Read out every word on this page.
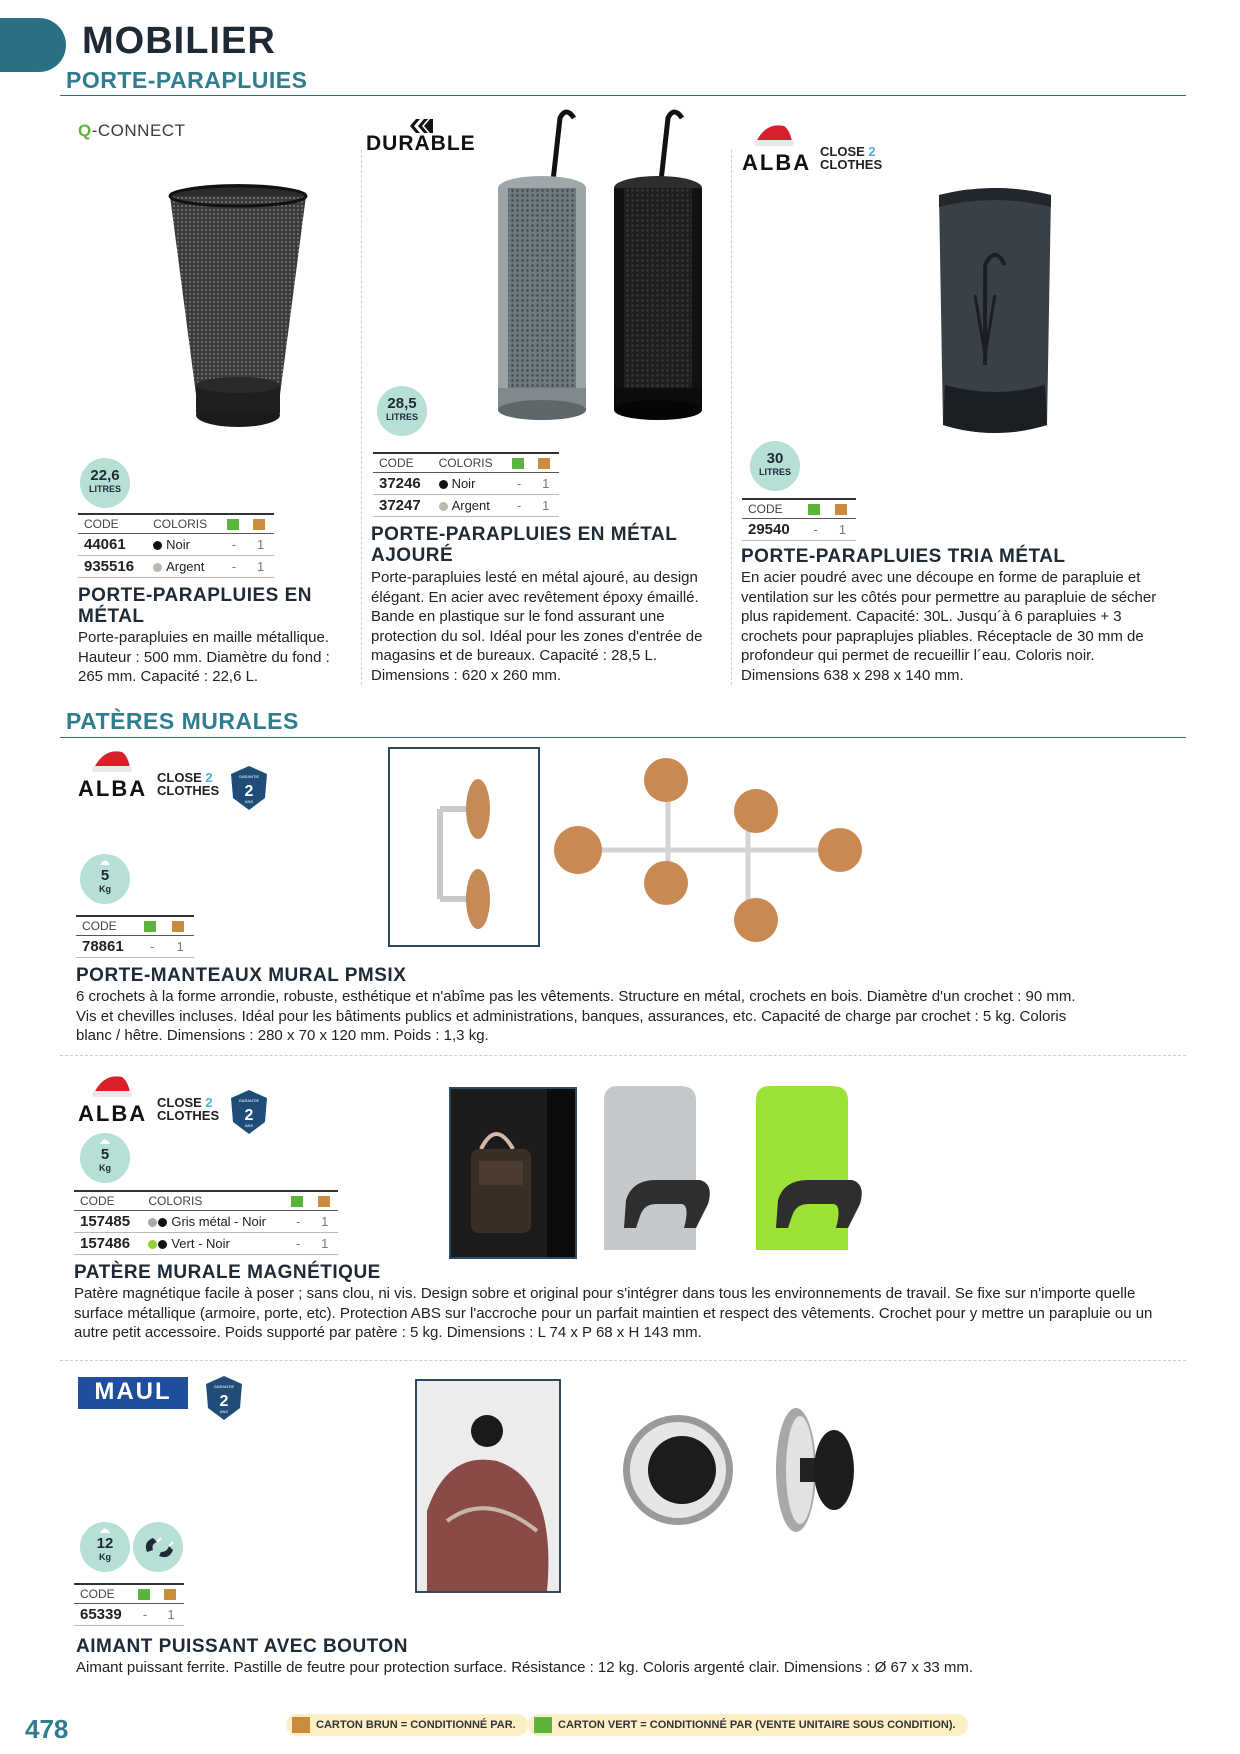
MOBILIER
PORTE-PARAPLUIES
Q-CONNECT
22,6
LITRES
CODE	COLORIS		
44061	Noir	-	1
935516	Argent	-	1
PORTE-PARAPLUIES EN MÉTAL
Porte-parapluies en maille métallique. Hauteur : 500 mm. Diamètre du fond : 265 mm. Capacité : 22,6 L.
DURABLE
28,5
LITRES
CODE	COLORIS		
37246	Noir	-	1
37247	Argent	-	1
PORTE-PARAPLUIES EN MÉTAL AJOURÉ
Porte-parapluies lesté en métal ajouré, au design élégant. En acier avec revêtement époxy émaillé. Bande en plastique sur le fond assurant une protection du sol. Idéal pour les zones d'entrée de magasins et de bureaux. Capacité : 28,5 L. Dimensions : 620 x 260 mm.
ALBA CLOSE 2
CLOTHES
30
LITRES
CODE		
29540	-	1
PORTE-PARAPLUIES TRIA MÉTAL
En acier poudré avec une découpe en forme de parapluie et ventilation sur les côtés pour permettre au parapluie de sécher plus rapidement. Capacité: 30L. Jusqu´à 6 parapluies + 3 crochets pour papraplujes pliables. Réceptacle de 30 mm de profondeur qui permet de recueillir l´eau. Coloris noir. Dimensions 638 x 298 x 140 mm.
PATÈRES MURALES
ALBA CLOSE 2
CLOTHES
GARANTIE
2
ANS
5
Kg
CODE		
78861	-	1
PORTE-MANTEAUX MURAL PMSIX
6 crochets à la forme arrondie, robuste, esthétique et n'abîme pas les vêtements. Structure en métal, crochets en bois. Diamètre d'un crochet : 90 mm. Vis et chevilles incluses. Idéal pour les bâtiments publics et administrations, banques, assurances, etc. Capacité de charge par crochet : 5 kg. Coloris blanc / hêtre. Dimensions : 280 x 70 x 120 mm. Poids : 1,3 kg.
ALBA CLOSE 2
CLOTHES
GARANTIE
2
ANS
5
Kg
CODE	COLORIS		
157485	Gris métal - Noir	-	1
157486	Vert - Noir	-	1
PATÈRE MURALE MAGNÉTIQUE
Patère magnétique facile à poser ; sans clou, ni vis. Design sobre et original pour s'intégrer dans tous les environnements de travail. Se fixe sur n'importe quelle surface métallique (armoire, porte, etc). Protection ABS sur l'accroche pour un parfait maintien et respect des vêtements. Crochet pour y mettre un parapluie ou un autre petit accessoire. Poids supporté par patère : 5 kg. Dimensions : L 74 x P 68 x H 143 mm.
MAUL	GARANTIE
2
ANS
12
Kg
CODE		
65339	-	1
AIMANT PUISSANT AVEC BOUTON
Aimant puissant ferrite. Pastille de feutre pour protection surface. Résistance : 12 kg. Coloris argenté clair. Dimensions : Ø 67 x 33 mm.
478	CARTON BRUN = CONDITIONNÉ PAR.	CARTON VERT = CONDITIONNÉ PAR (VENTE UNITAIRE SOUS CONDITION).
